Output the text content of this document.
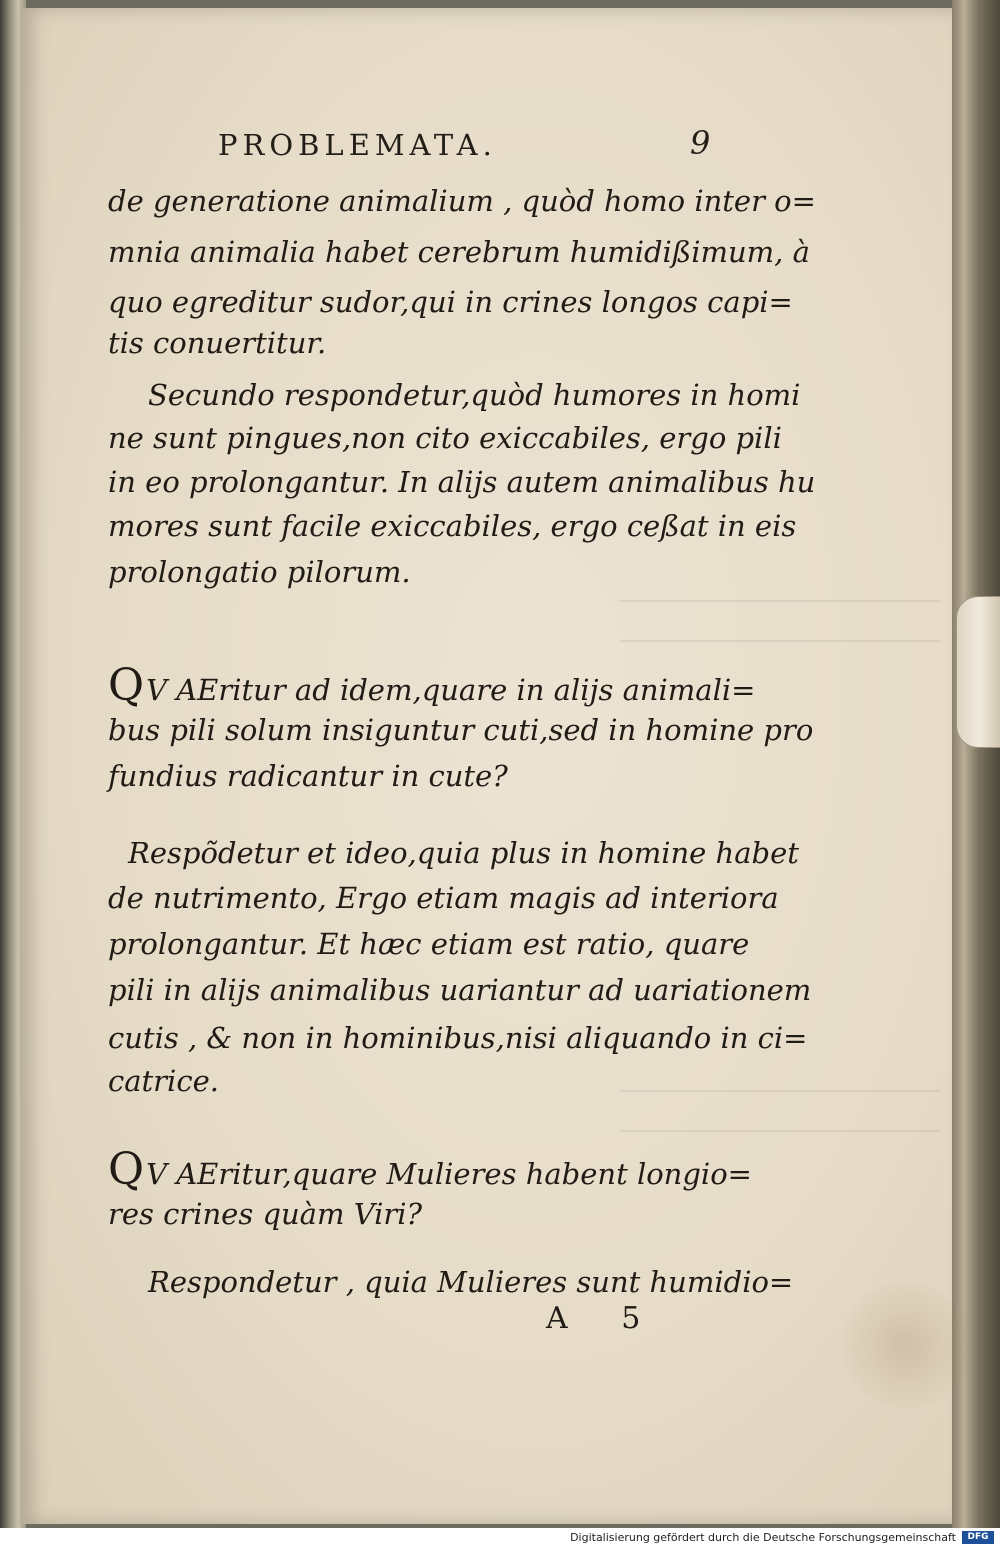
PROBLEMATA.	9

de generatione animalium , quòd homo inter o=

mnia animalia habet cerebrum humidißimum, à

quo egreditur sudor,qui in crines longos capi=

tis conuertitur.

Secundo respondetur,quòd humores in homi

ne sunt pingues,non cito exiccabiles, ergo pili

in eo prolongantur. In alijs autem animalibus hu

mores sunt facile exiccabiles, ergo ceßat in eis

prolongatio pilorum.

QV AEritur ad idem,quare in alijs animali=

bus pili solum insiguntur cuti,sed in homine pro

fundius radicantur in cute?

Respõdetur et ideo,quia plus in homine habet

de nutrimento, Ergo etiam magis ad interiora

prolongantur. Et hæc etiam est ratio, quare

pili in alijs animalibus uariantur ad uariationem

cutis , & non in hominibus,nisi aliquando in ci=

catrice.

QV AEritur,quare Mulieres habent longio=

res crines quàm Viri?

Respondetur , quia Mulieres sunt humidio=

A 5
Digitalisierung gefördert durch die Deutsche Forschungsgemeinschaft	DFG
